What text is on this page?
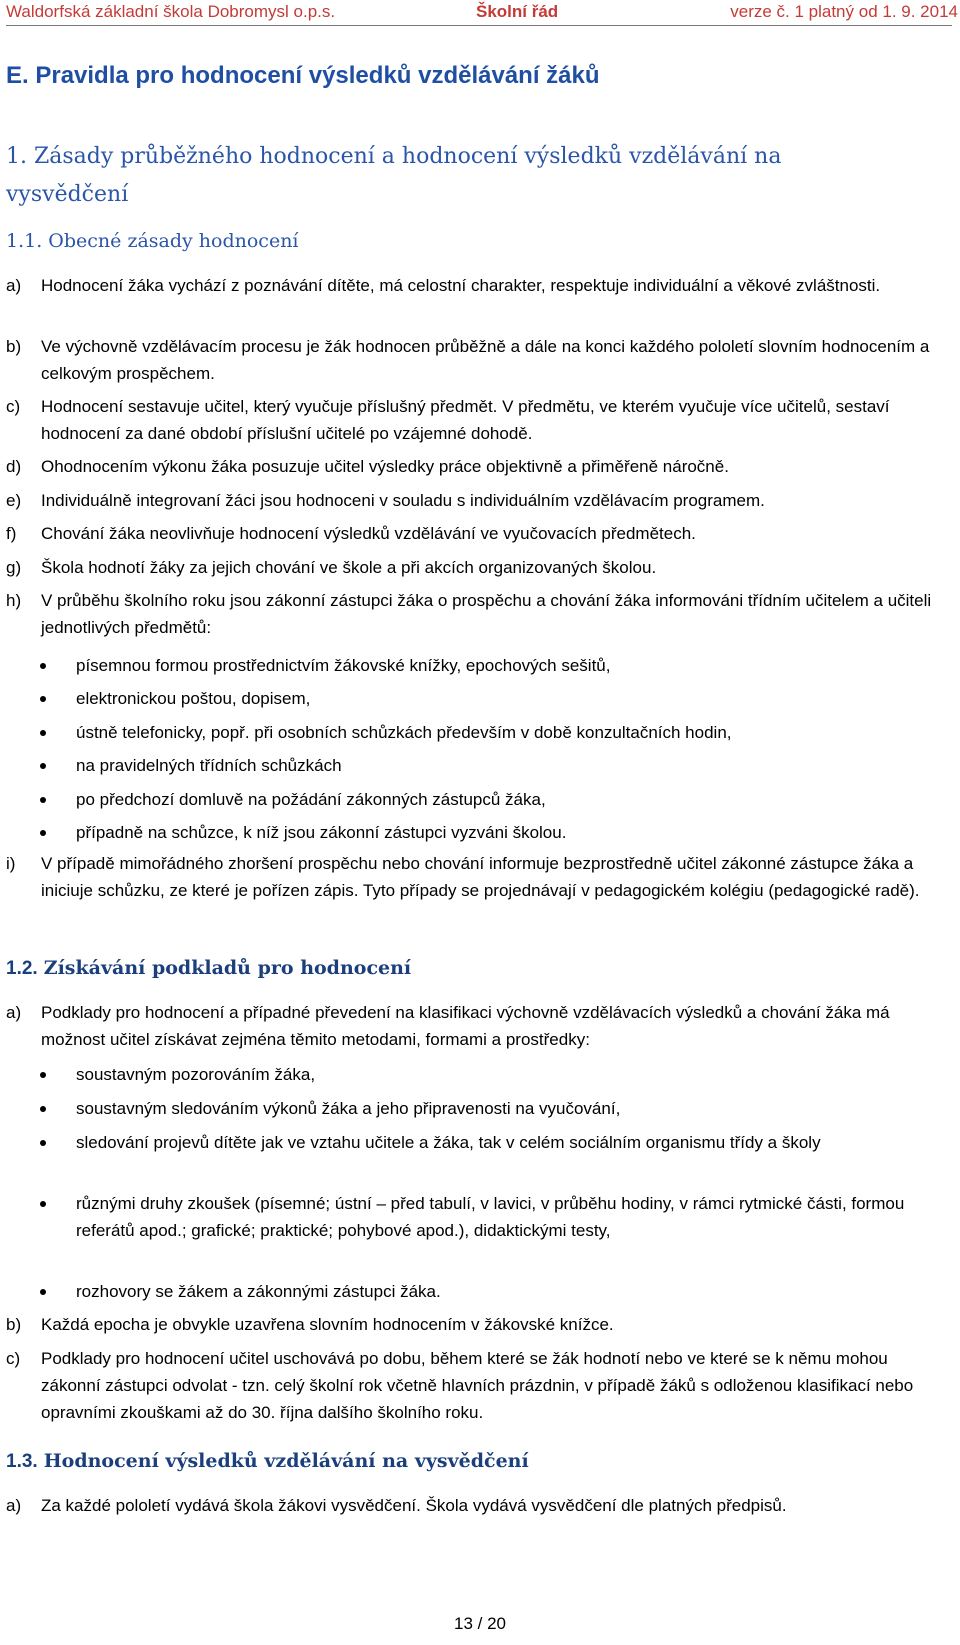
Waldorfská základní škola Dobromysl o.p.s.	Školní řád	verze č. 1 platný od 1. 9. 2014
E. Pravidla pro hodnocení výsledků vzdělávání žáků
1. Zásady průběžného hodnocení a hodnocení výsledků vzdělávání na vysvědčení
1.1. Obecné zásady hodnocení
a) Hodnocení žáka vychází z poznávání dítěte, má celostní charakter, respektuje individuální a věkové zvláštnosti.
b) Ve výchovně vzdělávacím procesu je žák hodnocen průběžně a dále na konci každého pololetí slovním hodnocením a celkovým prospěchem.
c) Hodnocení sestavuje učitel, který vyučuje příslušný předmět. V předmětu, ve kterém vyučuje více učitelů, sestaví hodnocení za dané období příslušní učitelé po vzájemné dohodě.
d) Ohodnocením výkonu žáka posuzuje učitel výsledky práce objektivně a přiměřeně náročně.
e) Individuálně integrovaní žáci jsou hodnoceni v souladu s individuálním vzdělávacím programem.
f) Chování žáka neovlivňuje hodnocení výsledků vzdělávání ve vyučovacích předmětech.
g) Škola hodnotí žáky za jejich chování ve škole a při akcích organizovaných školou.
h) V průběhu školního roku jsou zákonní zástupci žáka o prospěchu a chování žáka informováni třídním učitelem a učiteli jednotlivých předmětů:
písemnou formou prostřednictvím žákovské knížky, epochových sešitů,
elektronickou poštou, dopisem,
ústně telefonicky, popř. při osobních schůzkách především v době konzultačních hodin,
na pravidelných třídních schůzkách
po předchozí domluvě na požádání zákonných zástupců žáka,
případně na schůzce, k níž jsou zákonní zástupci vyzváni školou.
i) V případě mimořádného zhoršení prospěchu nebo chování informuje bezprostředně učitel zákonné zástupce žáka a iniciuje schůzku, ze které je pořízen zápis. Tyto případy se projednávají v pedagogickém kolégiu (pedagogické radě).
1.2. Získávání podkladů pro hodnocení
a) Podklady pro hodnocení a případné převedení na klasifikaci výchovně vzdělávacích výsledků a chování žáka má možnost učitel získávat zejména těmito metodami, formami a prostředky:
soustavným pozorováním žáka,
soustavným sledováním výkonů žáka a jeho připravenosti na vyučování,
sledování projevů dítěte jak ve vztahu učitele a žáka, tak v celém sociálním organismu třídy a školy
různými druhy zkoušek (písemné; ústní – před tabulí, v lavici, v průběhu hodiny, v rámci rytmické části, formou referátů apod.; grafické; praktické; pohybové apod.), didaktickými testy,
rozhovory se žákem a zákonnými zástupci žáka.
b) Každá epocha je obvykle uzavřena slovním hodnocením v žákovské knížce.
c) Podklady pro hodnocení učitel uschovává po dobu, během které se žák hodnotí nebo ve které se k němu mohou zákonní zástupci odvolat - tzn. celý školní rok včetně hlavních prázdnin, v případě žáků s odloženou klasifikací nebo opravními zkouškami až do 30. října dalšího školního roku.
1.3. Hodnocení výsledků vzdělávání na vysvědčení
a) Za každé pololetí vydává škola žákovi vysvědčení. Škola vydává vysvědčení dle platných předpisů.
13 / 20
